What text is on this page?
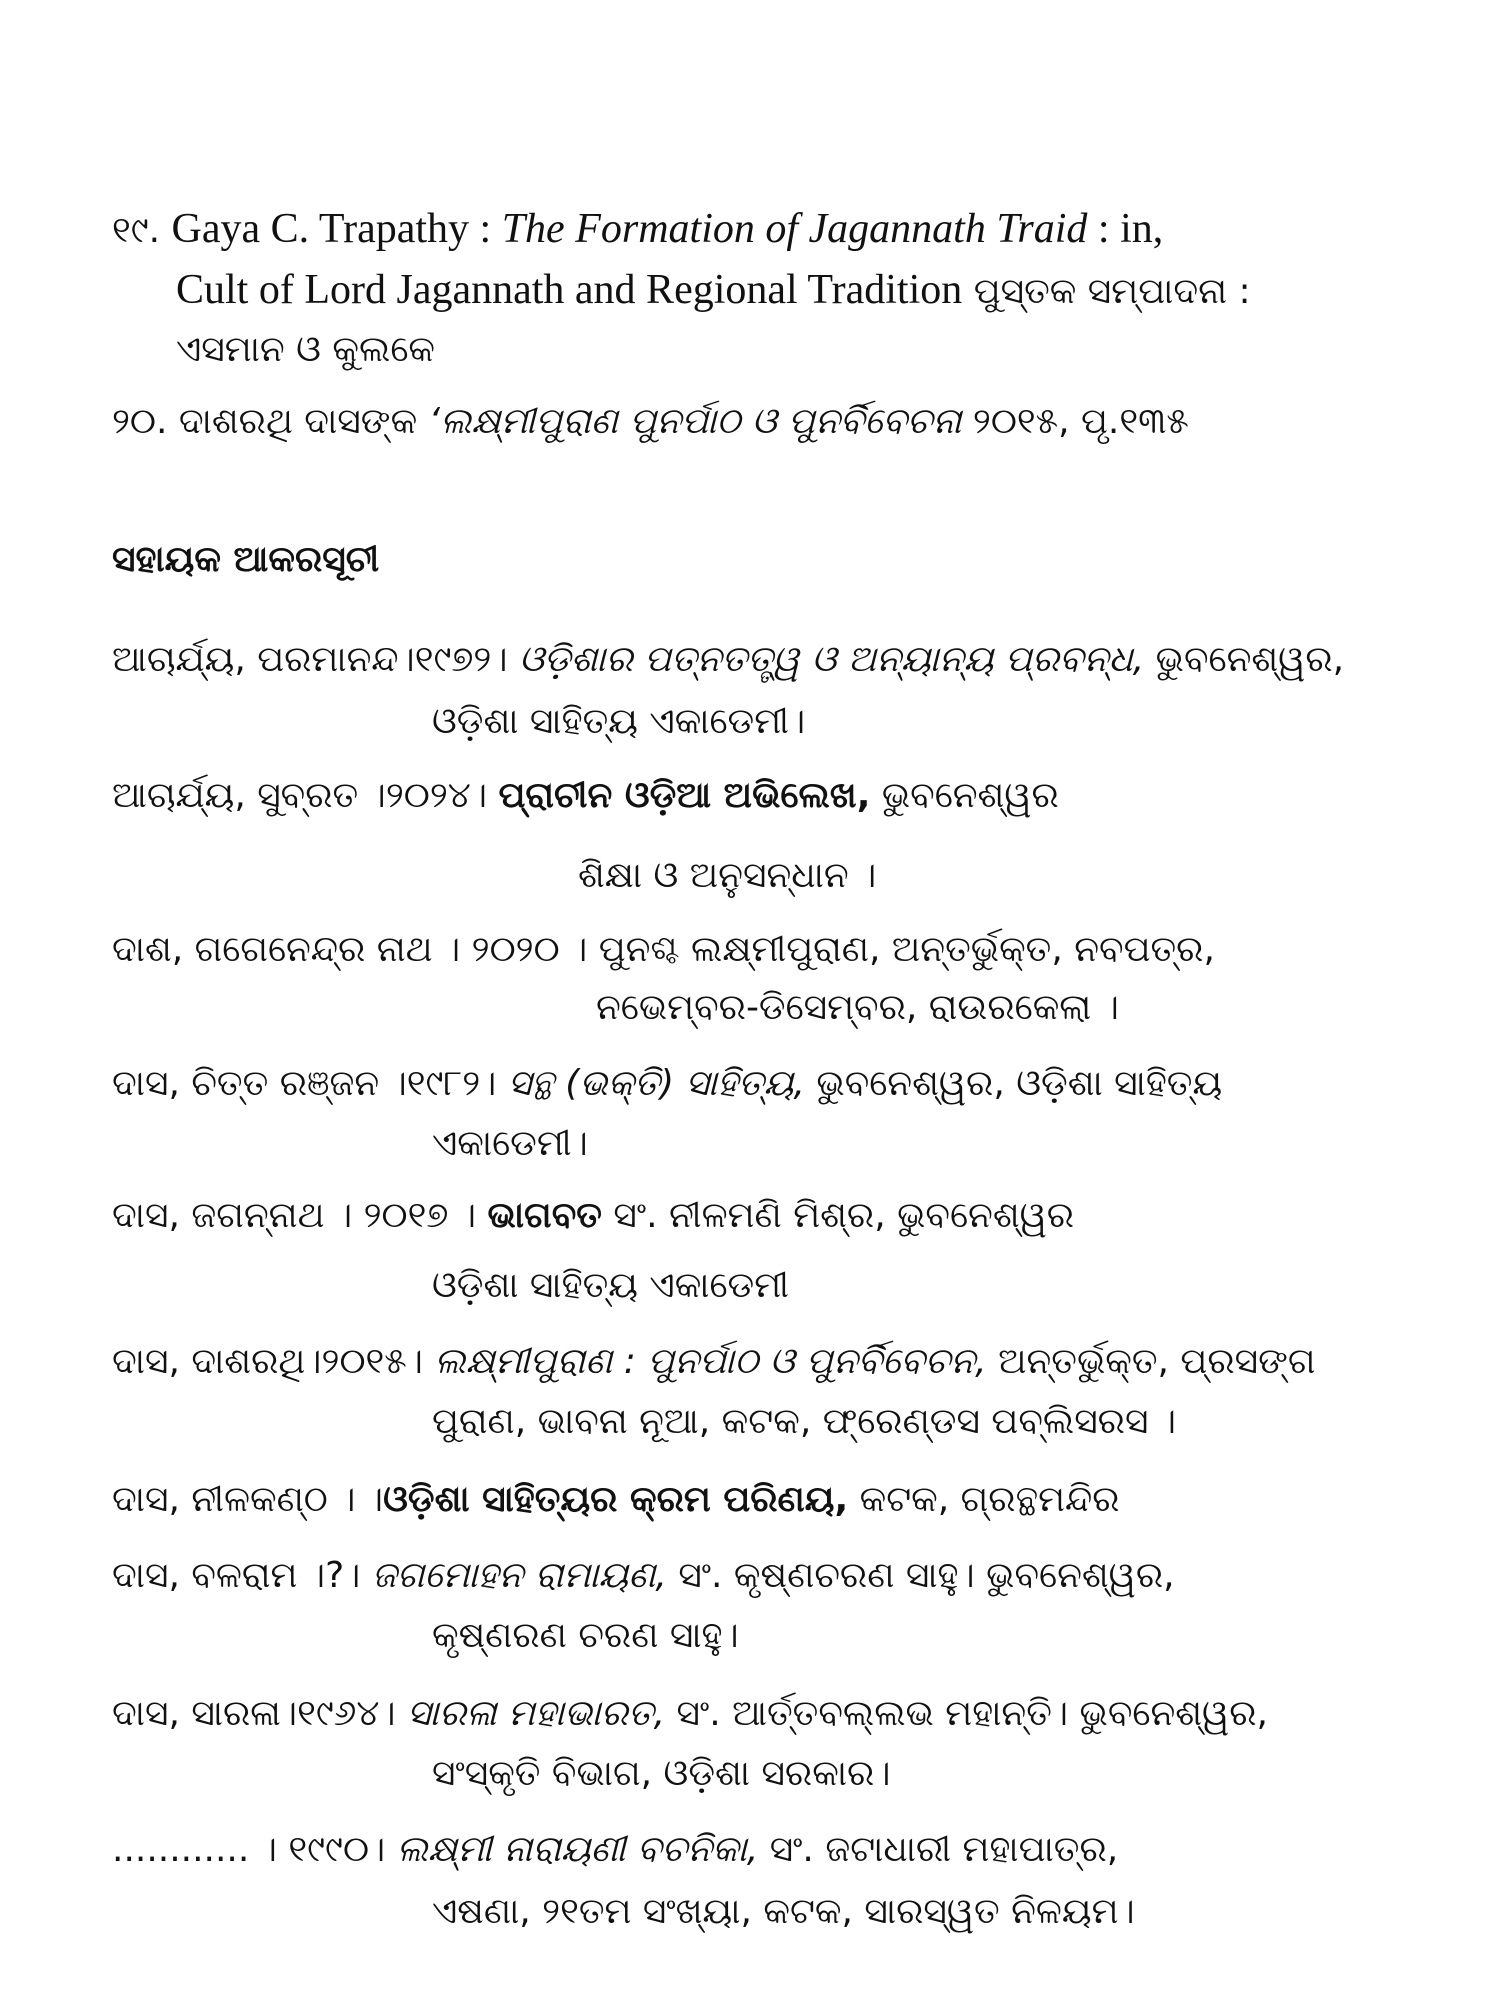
୧୯. Gaya C. Trapathy : The Formation of Jagannath Traid : in,
Cult of Lord Jagannath and Regional Tradition ପୁସ୍ତକ ସମ୍ପାଦନା :
ଏସମାନ ଓ କୁଲକେ
୨୦. ଦାଶରଥି ଦାସଙ୍କ ‘ଲକ୍ଷ୍ମୀପୁରାଣ ପୁନର୍ପାଠ ଓ ପୁନର୍ବିବେଚନା ୨୦୧୫, ପୃ.୧୩୫
ସହାୟକ ଆକରସୂଚୀ
ଆଚାର୍ଯ୍ୟ, ପରମାନନ୍ଦ।୧୯୭୨। ଓଡ଼ିଶାର ପତ୍ନତତ୍ତ୍ୱ ଓ ଅନ୍ୟାନ୍ୟ ପ୍ରବନ୍ଧ, ଭୁବନେଶ୍ୱର,
ଓଡ଼ିଶା ସାହିତ୍ୟ ଏକାଡେମୀ।
ଆଚାର୍ଯ୍ୟ, ସୁବ୍ରତ ।୨୦୨୪। ପ୍ରାଚୀନ ଓଡ଼ିଆ ଅଭିଲେଖ, ଭୁବନେଶ୍ୱର
ଶିକ୍ଷା ଓ ଅନୁସନ୍ଧାନ ।
ଦାଶ, ଗଗେନେନ୍ଦ୍ର ନାଥ । ୨୦୨୦ । ପୁନଶ୍ଚ ଲକ୍ଷ୍ମୀପୁରାଣ, ଅନ୍ତର୍ଭୁକ୍ତ, ନବପତ୍ର,
ନଭେମ୍ବର-ଡିସେମ୍ବର, ରାଉରକେଲା ।
ଦାସ, ଚିତ୍ତ ରଞ୍ଜନ ।୧୯୮୨। ସନ୍ଥ (ଭକ୍ତି) ସାହିତ୍ୟ, ଭୁବନେଶ୍ୱର, ଓଡ଼ିଶା ସାହିତ୍ୟ
ଏକାଡେମୀ।
ଦାସ, ଜଗନ୍ନାଥ । ୨୦୧୭ । ଭାଗବତ ସଂ. ନୀଳମଣି ମିଶ୍ର, ଭୁବନେଶ୍ୱର
ଓଡ଼ିଶା ସାହିତ୍ୟ ଏକାଡେମୀ
ଦାସ, ଦାଶରଥି।୨୦୧୫। ଲକ୍ଷ୍ମୀପୁରାଣ : ପୁନର୍ପାଠ ଓ ପୁନର୍ବିବେଚନ, ଅନ୍ତର୍ଭୁକ୍ତ, ପ୍ରସଙ୍ଗ
ପୁରାଣ, ଭାବନା ନୂଆ, କଟକ, ଫ୍ରେଣ୍ଡସ ପବ୍ଲିସରସ ।
ଦାସ, ନୀଳକଣ୍ଠ । ।ଓଡ଼ିଶା ସାହିତ୍ୟର କ୍ରମ ପରିଣୟ, କଟକ, ଗ୍ରନ୍ଥମନ୍ଦିର
ଦାସ, ବଳରାମ ।?। ଜଗମୋହନ ରାମାୟଣ, ସଂ. କୃଷ୍ଣଚରଣ ସାହୁ। ଭୁବନେଶ୍ୱର,
କୃଷ୍ଣରଣ ଚରଣ ସାହୁ।
ଦାସ, ସାରଳା।୧୯୬୪। ସାରଳା ମହାଭାରତ, ସଂ. ଆର୍ତ୍ତବଲ୍ଲଭ ମହାନ୍ତି। ଭୁବନେଶ୍ୱର,
ସଂସ୍କୃତି ବିଭାଗ, ଓଡ଼ିଶା ସରକାର।
............ । ୧୯୯୦। ଲକ୍ଷ୍ମୀ ନାରାୟଣୀ ବଚନିକା, ସଂ. ଜଟାଧାରୀ ମହାପାତ୍ର,
ଏଷଣା, ୨୧ତମ ସଂଖ୍ୟା, କଟକ, ସାରସ୍ୱତ ନିଳୟମ।
